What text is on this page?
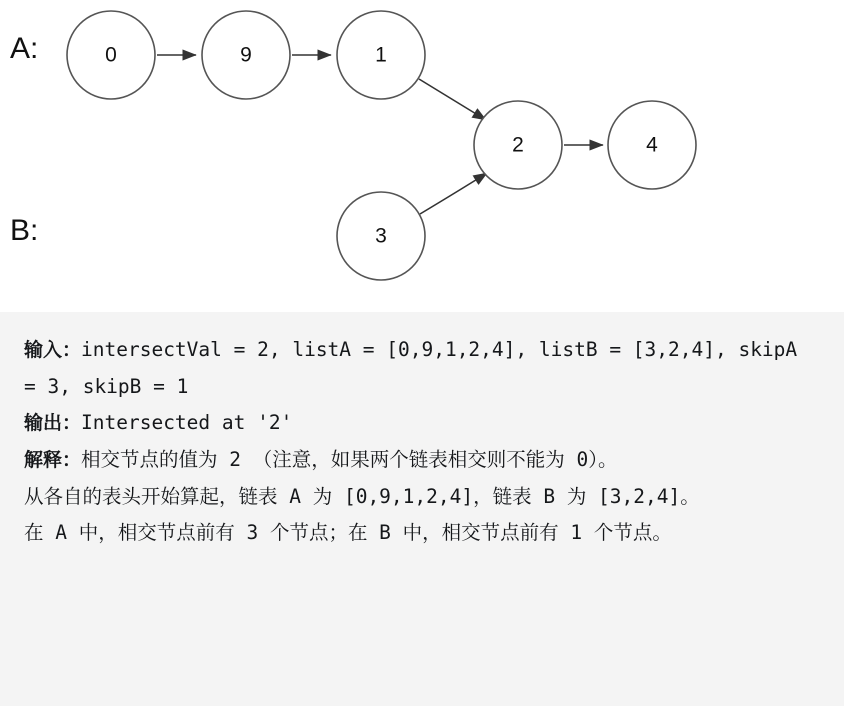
A:
B:
0	9	1
2	4
3
输入：intersectVal = 2, listA = [0,9,1,2,4], listB = [3,2,4], skipA = 3, skipB = 1
输出：Intersected at '2'
解释：相交节点的值为 2 （注意，如果两个链表相交则不能为 0）。
从各自的表头开始算起，链表 A 为 [0,9,1,2,4]，链表 B 为 [3,2,4]。
在 A 中，相交节点前有 3 个节点；在 B 中，相交节点前有 1 个节点。
